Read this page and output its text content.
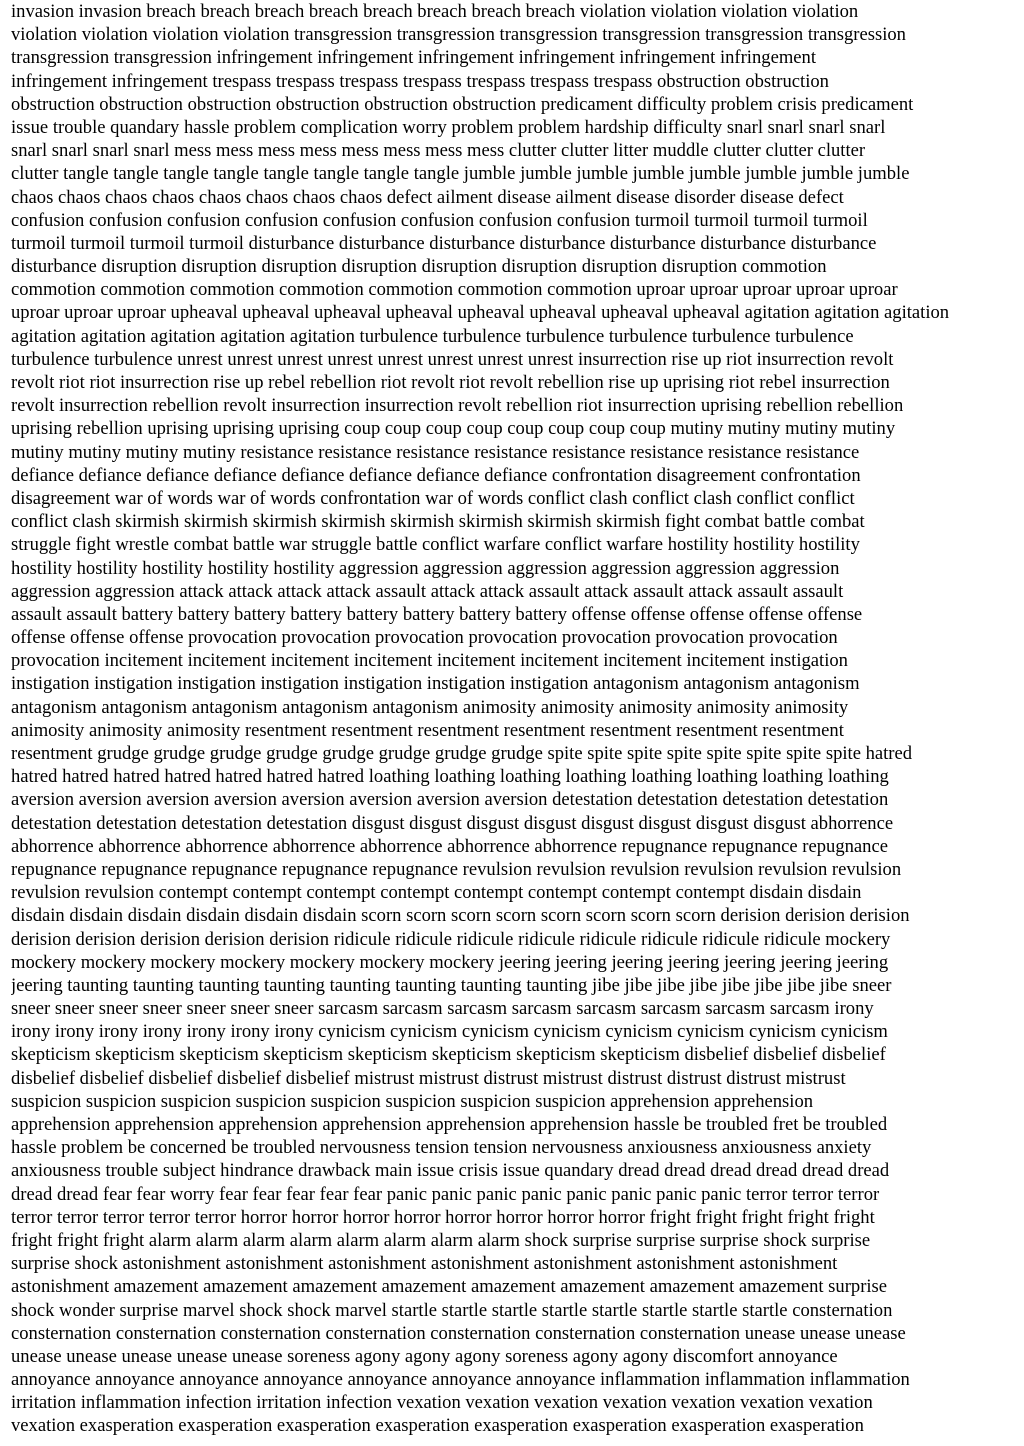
invasion invasion breach breach breach breach breach breach breach breach violation violation violation violation
violation violation violation violation transgression transgression transgression transgression transgression transgression
transgression transgression infringement infringement infringement infringement infringement infringement
infringement infringement trespass trespass trespass trespass trespass trespass trespass obstruction obstruction
obstruction obstruction obstruction obstruction obstruction obstruction predicament difficulty problem crisis predicament
issue trouble quandary hassle problem complication worry problem problem hardship difficulty snarl snarl snarl snarl
snarl snarl snarl snarl mess mess mess mess mess mess mess mess clutter clutter litter muddle clutter clutter clutter
clutter tangle tangle tangle tangle tangle tangle tangle tangle jumble jumble jumble jumble jumble jumble jumble jumble
chaos chaos chaos chaos chaos chaos chaos chaos defect ailment disease ailment disease disorder disease defect
confusion confusion confusion confusion confusion confusion confusion confusion turmoil turmoil turmoil turmoil
turmoil turmoil turmoil turmoil disturbance disturbance disturbance disturbance disturbance disturbance disturbance
disturbance disruption disruption disruption disruption disruption disruption disruption disruption commotion
commotion commotion commotion commotion commotion commotion commotion uproar uproar uproar uproar uproar
uproar uproar uproar upheaval upheaval upheaval upheaval upheaval upheaval upheaval upheaval agitation agitation agitation
agitation agitation agitation agitation agitation turbulence turbulence turbulence turbulence turbulence turbulence
turbulence turbulence unrest unrest unrest unrest unrest unrest unrest unrest insurrection rise up riot insurrection revolt
revolt riot riot insurrection rise up rebel rebellion riot revolt riot revolt rebellion rise up uprising riot rebel insurrection
revolt insurrection rebellion revolt insurrection insurrection revolt rebellion riot insurrection uprising rebellion rebellion
uprising rebellion uprising uprising uprising coup coup coup coup coup coup coup coup mutiny mutiny mutiny mutiny
mutiny mutiny mutiny mutiny resistance resistance resistance resistance resistance resistance resistance resistance
defiance defiance defiance defiance defiance defiance defiance defiance confrontation disagreement confrontation
disagreement war of words war of words confrontation war of words conflict clash conflict clash conflict conflict
conflict clash skirmish skirmish skirmish skirmish skirmish skirmish skirmish skirmish fight combat battle combat
struggle fight wrestle combat battle war struggle battle conflict warfare conflict warfare hostility hostility hostility
hostility hostility hostility hostility hostility aggression aggression aggression aggression aggression aggression
aggression aggression attack attack attack attack assault attack attack assault attack assault attack assault assault
assault assault battery battery battery battery battery battery battery battery offense offense offense offense offense
offense offense offense provocation provocation provocation provocation provocation provocation provocation
provocation incitement incitement incitement incitement incitement incitement incitement incitement instigation
instigation instigation instigation instigation instigation instigation instigation antagonism antagonism antagonism
antagonism antagonism antagonism antagonism antagonism animosity animosity animosity animosity animosity
animosity animosity animosity resentment resentment resentment resentment resentment resentment resentment
resentment grudge grudge grudge grudge grudge grudge grudge grudge spite spite spite spite spite spite spite spite hatred
hatred hatred hatred hatred hatred hatred hatred loathing loathing loathing loathing loathing loathing loathing loathing
aversion aversion aversion aversion aversion aversion aversion aversion detestation detestation detestation detestation
detestation detestation detestation detestation disgust disgust disgust disgust disgust disgust disgust disgust abhorrence
abhorrence abhorrence abhorrence abhorrence abhorrence abhorrence abhorrence repugnance repugnance repugnance
repugnance repugnance repugnance repugnance repugnance revulsion revulsion revulsion revulsion revulsion revulsion
revulsion revulsion contempt contempt contempt contempt contempt contempt contempt contempt disdain disdain
disdain disdain disdain disdain disdain disdain scorn scorn scorn scorn scorn scorn scorn scorn derision derision derision
derision derision derision derision derision ridicule ridicule ridicule ridicule ridicule ridicule ridicule ridicule mockery
mockery mockery mockery mockery mockery mockery mockery jeering jeering jeering jeering jeering jeering jeering
jeering taunting taunting taunting taunting taunting taunting taunting taunting jibe jibe jibe jibe jibe jibe jibe jibe sneer
sneer sneer sneer sneer sneer sneer sneer sarcasm sarcasm sarcasm sarcasm sarcasm sarcasm sarcasm sarcasm irony
irony irony irony irony irony irony irony cynicism cynicism cynicism cynicism cynicism cynicism cynicism cynicism
skepticism skepticism skepticism skepticism skepticism skepticism skepticism skepticism disbelief disbelief disbelief
disbelief disbelief disbelief disbelief disbelief mistrust mistrust distrust mistrust distrust distrust distrust mistrust
suspicion suspicion suspicion suspicion suspicion suspicion suspicion suspicion apprehension apprehension
apprehension apprehension apprehension apprehension apprehension apprehension hassle be troubled fret be troubled
hassle problem be concerned be troubled nervousness tension tension nervousness anxiousness anxiousness anxiety
anxiousness trouble subject hindrance drawback main issue crisis issue quandary dread dread dread dread dread dread
dread dread fear fear worry fear fear fear fear fear panic panic panic panic panic panic panic panic terror terror terror
terror terror terror terror terror horror horror horror horror horror horror horror horror fright fright fright fright fright
fright fright fright alarm alarm alarm alarm alarm alarm alarm alarm shock surprise surprise surprise shock surprise
surprise shock astonishment astonishment astonishment astonishment astonishment astonishment astonishment
astonishment amazement amazement amazement amazement amazement amazement amazement amazement surprise
shock wonder surprise marvel shock shock marvel startle startle startle startle startle startle startle startle consternation
consternation consternation consternation consternation consternation consternation consternation unease unease unease
unease unease unease unease unease soreness agony agony agony soreness agony agony discomfort annoyance
annoyance annoyance annoyance annoyance annoyance annoyance annoyance inflammation inflammation inflammation
irritation inflammation infection irritation infection vexation vexation vexation vexation vexation vexation vexation
vexation exasperation exasperation exasperation exasperation exasperation exasperation exasperation exasperation
